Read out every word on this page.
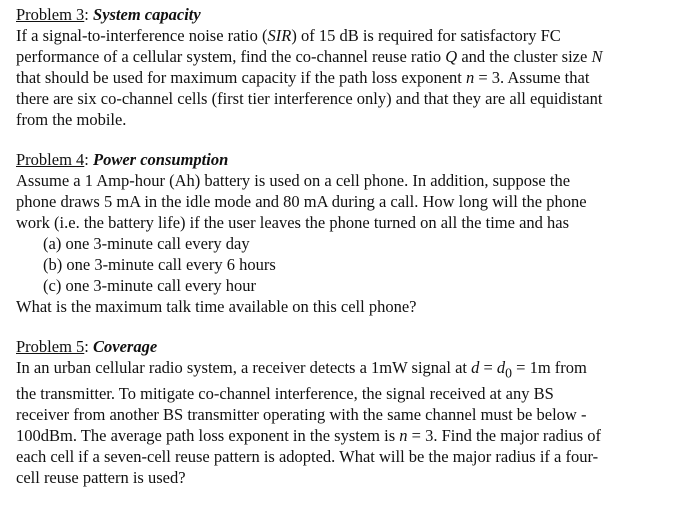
Problem 3: System capacity

If a signal-to-interference noise ratio (SIR) of 15 dB is required for satisfactory FC
performance of a cellular system, find the co-channel reuse ratio Q and the cluster size N
that should be used for maximum capacity if the path loss exponent n = 3. Assume that
there are six co-channel cells (first tier interference only) and that they are all equidistant
from the mobile.

Problem 4: Power consumption

Assume a 1 Amp-hour (Ah) battery is used on a cell phone. In addition, suppose the
phone draws 5 mA in the idle mode and 80 mA during a call. How long will the phone
work (i.e. the battery life) if the user leaves the phone turned on all the time and has
(a) one 3-minute call every day
(b) one 3-minute call every 6 hours
(c) one 3-minute call every hour

What is the maximum talk time available on this cell phone?

Problem 5: Coverage

In an urban cellular radio system, a receiver detects a 1mW signal at $d = d_0 = 1m$ from
the transmitter. To mitigate co-channel interference, the signal received at any BS
receiver from another BS transmitter operating with the same channel must be below -
100dBm. The average path loss exponent in the system is n = 3. Find the major radius of
each cell if a seven-cell reuse pattern is adopted. What will be the major radius if a four-
cell reuse pattern is used?
